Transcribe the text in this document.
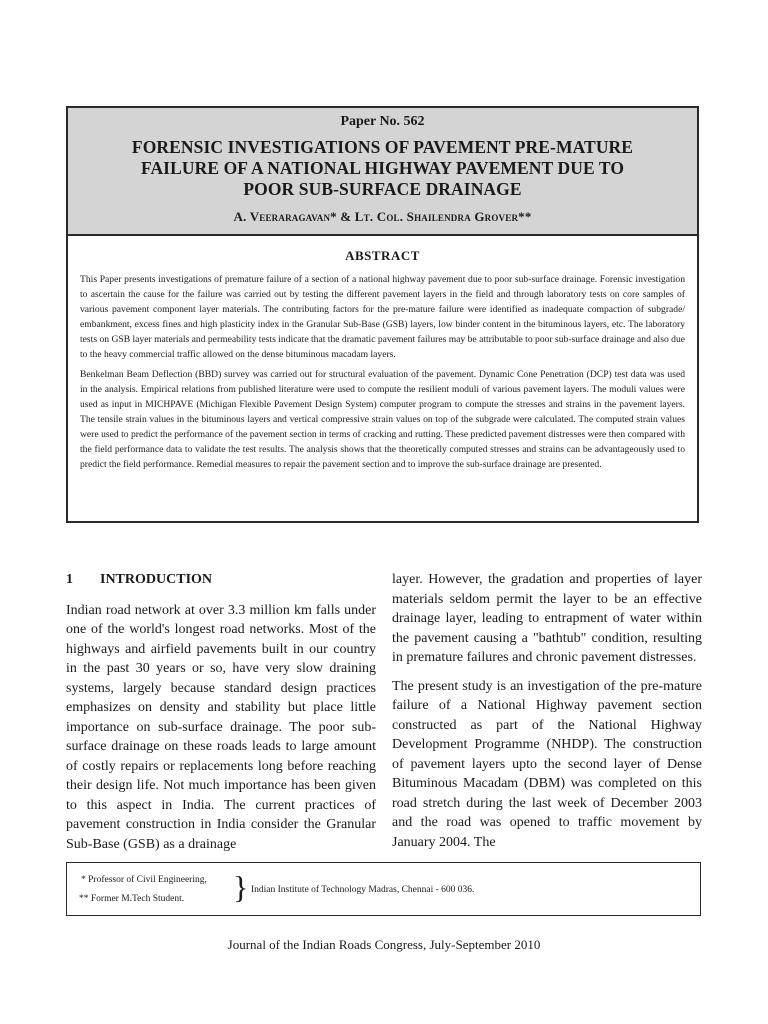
Paper No. 562
FORENSIC INVESTIGATIONS OF PAVEMENT PRE-MATURE
FAILURE OF A NATIONAL HIGHWAY PAVEMENT DUE TO
POOR SUB-SURFACE DRAINAGE
A. Veeraragavan* & Lt. Col. Shailendra Grover**
ABSTRACT

This Paper presents investigations of premature failure of a section of a national highway pavement due to poor sub-surface drainage. Forensic investigation to ascertain the cause for the failure was carried out by testing the different pavement layers in the field and through laboratory tests on core samples of various pavement component layer materials. The contributing factors for the pre-mature failure were identified as inadequate compaction of subgrade/ embankment, excess fines and high plasticity index in the Granular Sub-Base (GSB) layers, low binder content in the bituminous layers, etc. The laboratory tests on GSB layer materials and permeability tests indicate that the dramatic pavement failures may be attributable to poor sub-surface drainage and also due to the heavy commercial traffic allowed on the dense bituminous macadam layers.

Benkelman Beam Deflection (BBD) survey was carried out for structural evaluation of the pavement. Dynamic Cone Penetration (DCP) test data was used in the analysis. Empirical relations from published literature were used to compute the resilient moduli of various pavement layers. The moduli values were used as input in MICHPAVE (Michigan Flexible Pavement Design System) computer program to compute the stresses and strains in the pavement layers. The tensile strain values in the bituminous layers and vertical compressive strain values on top of the subgrade were calculated. The computed strain values were used to predict the performance of the pavement section in terms of cracking and rutting. These predicted pavement distresses were then compared with the field performance data to validate the test results. The analysis shows that the theoretically computed stresses and strains can be advantageously used to predict the field performance. Remedial measures to repair the pavement section and to improve the sub-surface drainage are presented.

1	INTRODUCTION

Indian road network at over 3.3 million km falls under one of the world's longest road networks. Most of the highways and airfield pavements built in our country in the past 30 years or so, have very slow draining systems, largely because standard design practices emphasizes on density and stability but place little importance on sub-surface drainage. The poor sub-surface drainage on these roads leads to large amount of costly repairs or replacements long before reaching their design life. Not much importance has been given to this aspect in India. The current practices of pavement construction in India consider the Granular Sub-Base (GSB) as a drainage

layer. However, the gradation and properties of layer materials seldom permit the layer to be an effective drainage layer, leading to entrapment of water within the pavement causing a "bathtub" condition, resulting in premature failures and chronic pavement distresses.

The present study is an investigation of the pre-mature failure of a National Highway pavement section constructed as part of the National Highway Development Programme (NHDP). The construction of pavement layers upto the second layer of Dense Bituminous Macadam (DBM) was completed on this road stretch during the last week of December 2003 and the road was opened to traffic movement by January 2004. The

* Professor of Civil Engineering,
** Former M.Tech Student. } Indian Institute of Technology Madras, Chennai - 600 036.
Journal of the Indian Roads Congress, July-September 2010
